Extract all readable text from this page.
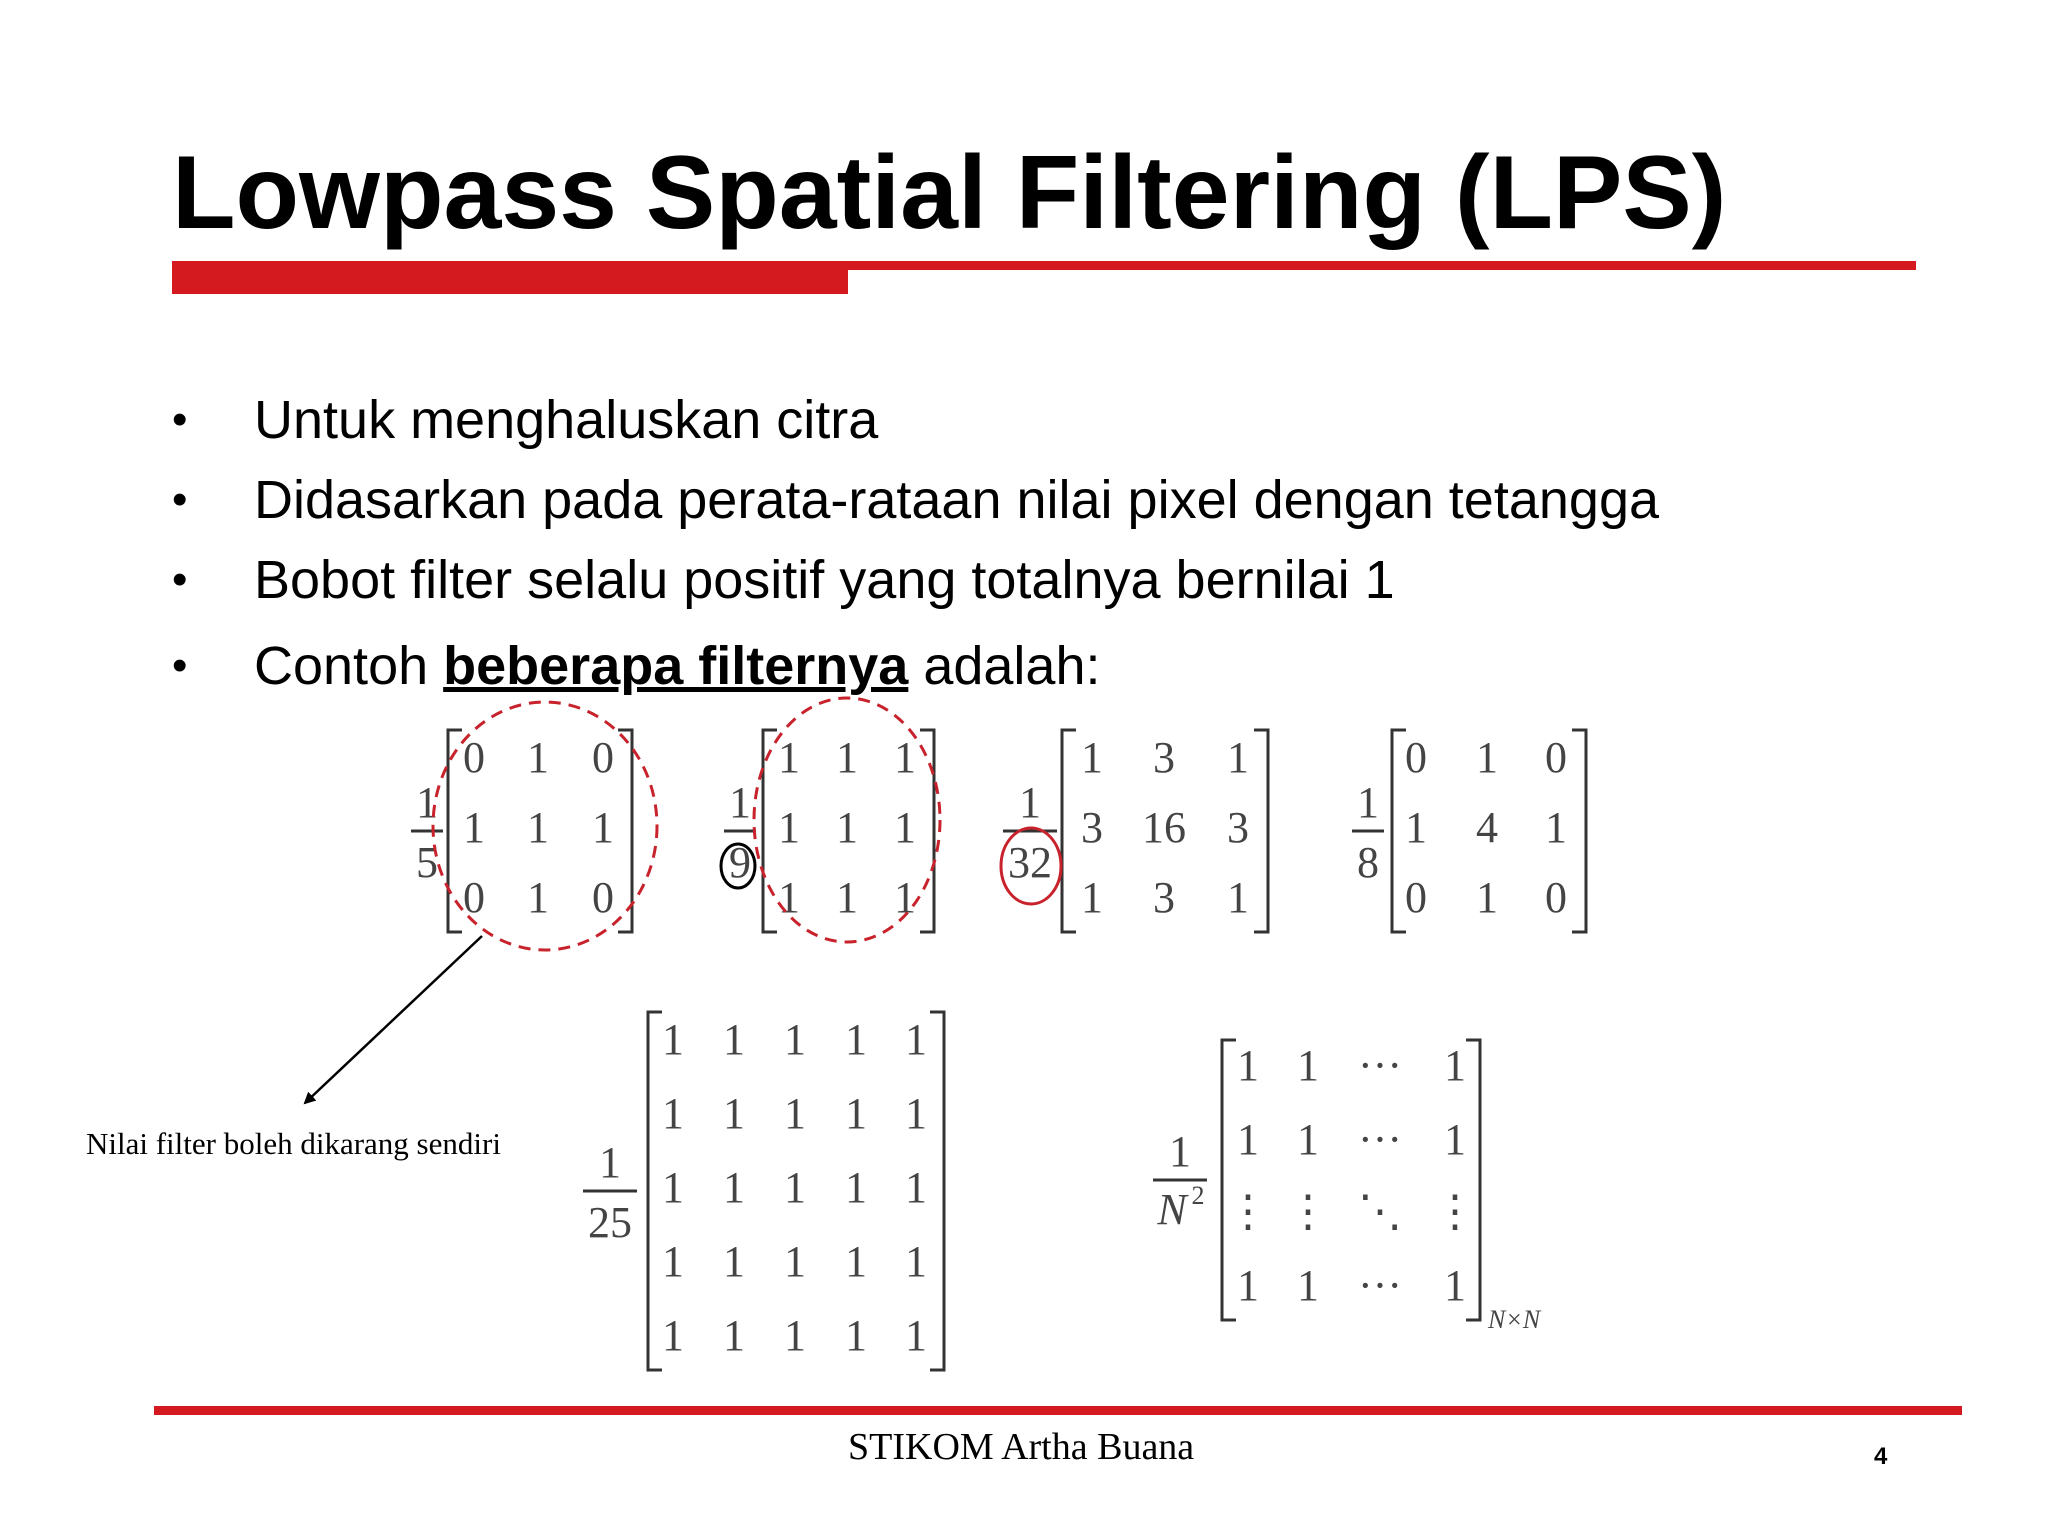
Lowpass Spatial Filtering (LPS)
• Untuk menghaluskan citra
• Didasarkan pada perata-rataan nilai pixel dengan tetangga
• Bobot filter selalu positif yang totalnya bernilai 1
• Contoh beberapa filternya adalah:
0 1 0
1 1 1
0 1 0
1
5
1 1 1
1 1 1
1 1 1
1
9
1 3 1
3 16 3
1 3 1
1
32
0 1 0
1 4 1
0 1 0
1
8
1 1 1 1 1
1 1 1 1 1
1 1 1 1 1
1 1 1 1 1
1 1 1 1 1
1
25
1 1 ··· 1
1 1 ··· 1
⋮ ⋮ ⋱ ⋮
1 1 ··· 1
1
N 2
N×N
Nilai filter boleh dikarang sendiri
STIKOM Artha Buana	4
